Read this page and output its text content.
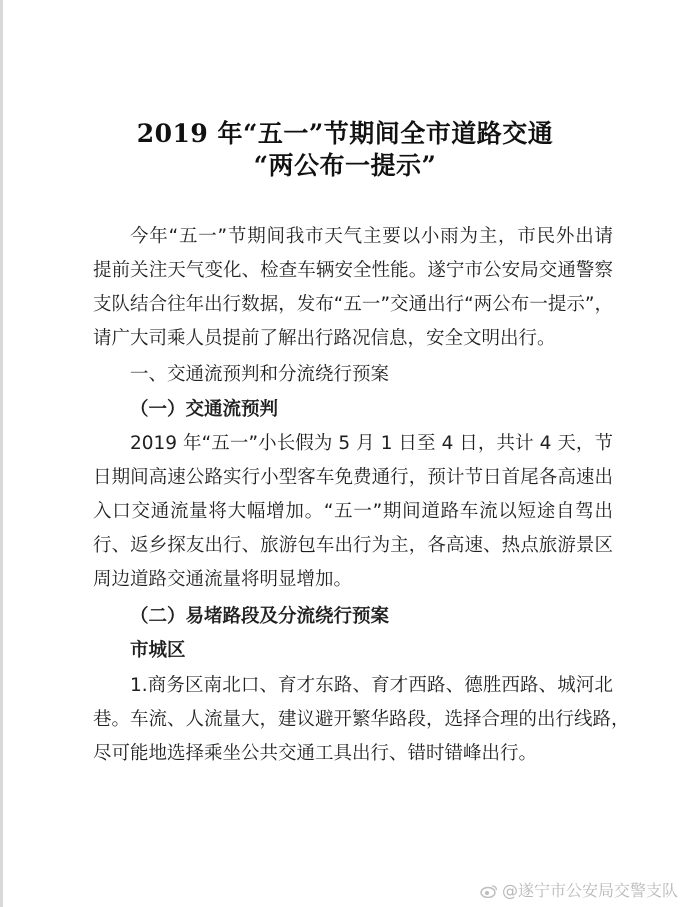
2019 年“五一”节期间全市道路交通
“两公布一提示”
今年“五一”节期间我市天气主要以小雨为主，市民外出请
提前关注天气变化、检查车辆安全性能。遂宁市公安局交通警察
支队结合往年出行数据，发布“五一”交通出行“两公布一提示”，
请广大司乘人员提前了解出行路况信息，安全文明出行。
一、交通流预判和分流绕行预案
（一）交通流预判
2019 年“五一”小长假为 5 月 1 日至 4 日，共计 4 天，节
日期间高速公路实行小型客车免费通行，预计节日首尾各高速出
入口交通流量将大幅增加。“五一”期间道路车流以短途自驾出
行、返乡探友出行、旅游包车出行为主，各高速、热点旅游景区
周边道路交通流量将明显增加。
（二）易堵路段及分流绕行预案
市城区
1.商务区南北口、育才东路、育才西路、德胜西路、城河北
巷。车流、人流量大，建议避开繁华路段，选择合理的出行线路，
尽可能地选择乘坐公共交通工具出行、错时错峰出行。
@遂宁市公安局交警支队
